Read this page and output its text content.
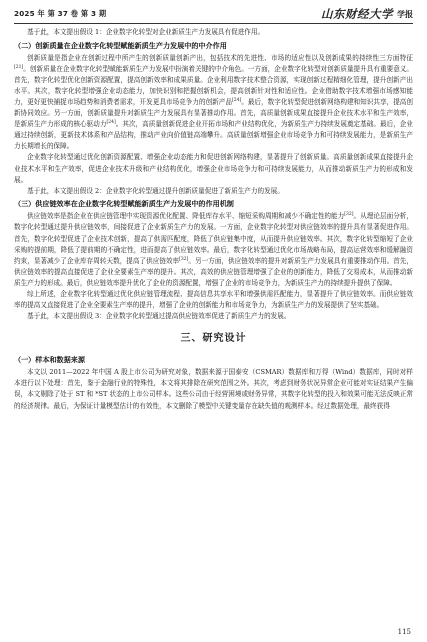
2025 年 第 37 卷 第 3 期	山东财经大学 学报

基于此，本文提出假设 1：企业数字化转型对企业新质生产力发展具有促进作用。

（二）创新质量在企业数字化转型赋能新质生产力发展中的中介作用

创新质量是指企业在创新过程中所产生的创新质量创新产出，包括技术的先进性、市场的适应性以及创新成果的持续性三方面特征[21]。创新质量在企业数字化转型赋能新质生产力发展中扮演着关键的中介角色。一方面，企业数字化转型对创新质量提升具有重要意义。首先，数字化转型优化创新资源配置，提高创新效率和成果质量。企业利用数字技术整合资源，实现创新过程精细化管理，提升创新产出水平。其次，数字化转型增强企业动态能力，加快识别和把握创新机会，提高创新针对性和适应性。企业借助数字技术增强市场感知能力，更好更快捕捉市场趋势和消费者需求，开发更具市场竞争力的创新产品[24]。最后，数字化转型促进创新网络构建和知识共享，提高创新协同效应。另一方面，创新质量提升对新质生产力发展具有显著推动作用。首先，高质量创新成果直接提升企业技术水平和生产效率，是新质生产力形成的核心驱动力[24]。其次，高质量创新促进企业开拓市场和产业结构优化，为新质生产力持续发展奠定基础。最后，企业通过持续创新，更新技术体系和产品结构，推动产业向价值链高端攀升。高质量创新增强企业市场竞争力和可持续发展能力，是新质生产力长期增长的保障。

企业数字化转型通过优化创新资源配置、增强企业动态能力和促进创新网络构建，显著提升了创新质量。高质量创新成果直接提升企业技术水平和生产效率，促进企业技术升级和产业结构优化，增强企业市场竞争力和可持续发展能力，从而推动新质生产力的形成和发展。

基于此，本文提出假设 2：企业数字化转型通过提升创新质量促进了新质生产力的发展。

（三）供应链效率在企业数字化转型赋能新质生产力发展中的作用机制

供应链效率是指企业在供应链管理中实现资源优化配置、降低库存水平、缩短采购周期和减少不确定性的能力[32]。从理论层面分析，数字化转型通过提升供应链效率，间接促进了企业新质生产力的发展。一方面，企业数字化转型对供应链效率的提升具有显著促进作用。首先，数字化转型促进了企业技术创新，提高了供需匹配度，降低了供应链集中度，从而提升供应链效率。其次，数字化转型缩短了企业采购的提前期，降低了提前期的不确定性，进而提高了供应链效率。最后，数字化转型通过优化市场战略布局，提高运营效率和缓解融资约束，显著减少了企业库存周转天数，提高了供应链效率[32]。另一方面，供应链效率的提升对新质生产力发展具有重要推动作用。首先，供应链效率的提高直接促进了企业全要素生产率的提升。其次，高效的供应链管理增强了企业的创新能力，降低了交易成本，从而推动新质生产力的形成。最后，供应链效率提升优化了企业的资源配置，增强了企业的市场竞争力，为新质生产力的持续提升提供了保障。

综上所述，企业数字化转型通过优化供应链管理流程、提高信息共享水平和增强供需匹配能力，显著提升了供应链效率。而供应链效率的提高又直接促进了企业全要素生产率的提升，增强了企业的创新能力和市场竞争力，为新质生产力的发展提供了坚实基础。

基于此，本文提出假设 3：企业数字化转型通过提高供应链效率促进了新质生产力的发展。

三、研究设计
（一）样本和数据来源

本文以 2011—2022 年中国 A 股上市公司为研究对象，数据来源于国泰安（CSMAR）数据库和万得（Wind）数据库，同时对样本进行以下处理：首先，鉴于金融行业的特殊性，本文将其排除在研究范围之外。其次，考虑到财务状况异常企业可能对实证结果产生偏误，本文剔除了处于 ST 和 *ST 状态的上市公司样本。这些公司由于经营困境或财务异常，其数字化转型的投入和效果可能无法反映正常的经济规律。最后，为保证计量模型估计的有效性，本文删除了模型中关键变量存在缺失值的观测样本。经过数据处理，最终获得

115
